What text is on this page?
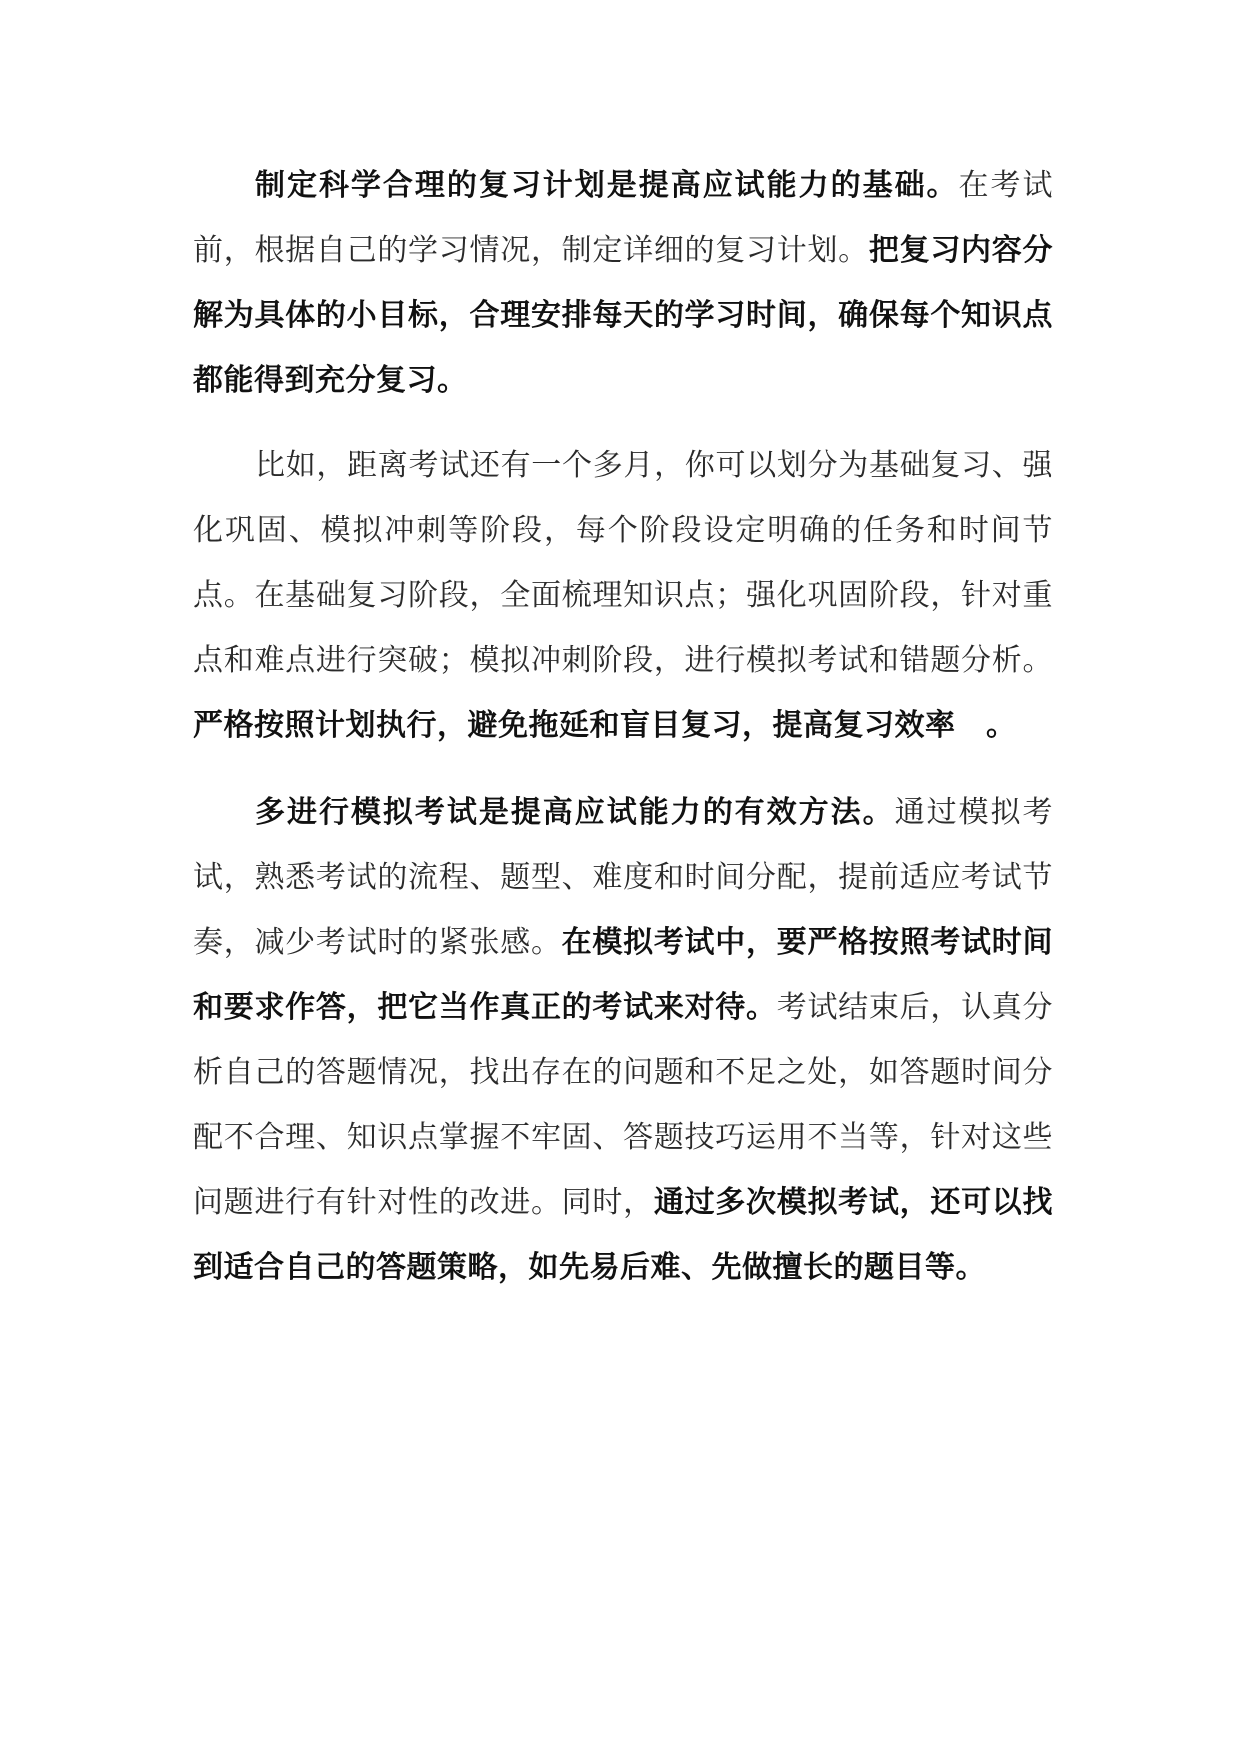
制定科学合理的复习计划是提高应试能力的基础。在考试前，根据自己的学习情况，制定详细的复习计划。把复习内容分解为具体的小目标，合理安排每天的学习时间，确保每个知识点都能得到充分复习。

比如，距离考试还有一个多月，你可以划分为基础复习、强化巩固、模拟冲刺等阶段，每个阶段设定明确的任务和时间节点。在基础复习阶段，全面梳理知识点；强化巩固阶段，针对重点和难点进行突破；模拟冲刺阶段，进行模拟考试和错题分析。严格按照计划执行，避免拖延和盲目复习，提高复习效率　。

多进行模拟考试是提高应试能力的有效方法。通过模拟考试，熟悉考试的流程、题型、难度和时间分配，提前适应考试节奏，减少考试时的紧张感。在模拟考试中，要严格按照考试时间和要求作答，把它当作真正的考试来对待。考试结束后，认真分析自己的答题情况，找出存在的问题和不足之处，如答题时间分配不合理、知识点掌握不牢固、答题技巧运用不当等，针对这些问题进行有针对性的改进。同时，通过多次模拟考试，还可以找到适合自己的答题策略，如先易后难、先做擅长的题目等。
